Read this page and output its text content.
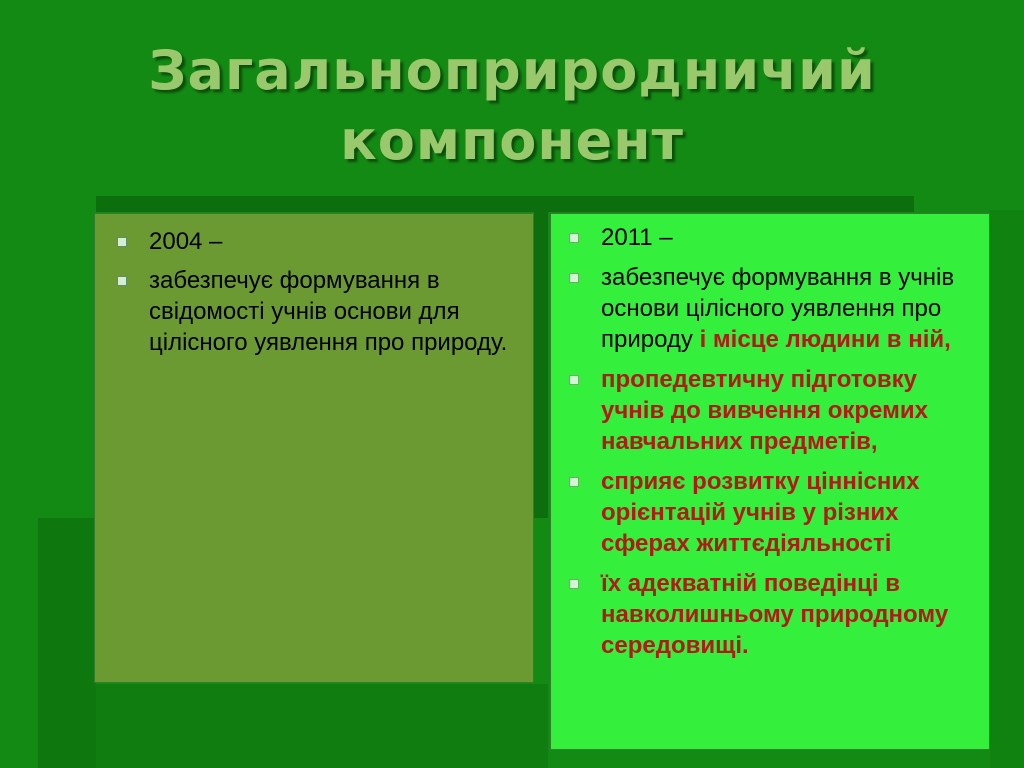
Загальноприродничий
компонент
2004 –
забезпечує формування в свідомості учнів основи для цілісного уявлення про природу.
2011 –
забезпечує формування в учнів основи цілісного уявлення про природу і місце людини в ній,
пропедевтичну підготовку учнів до вивчення окремих навчальних предметів,
сприяє розвитку ціннісних орієнтацій учнів у різних сферах життєдіяльності
їх адекватній поведінці в навколишньому природному середовищі.
